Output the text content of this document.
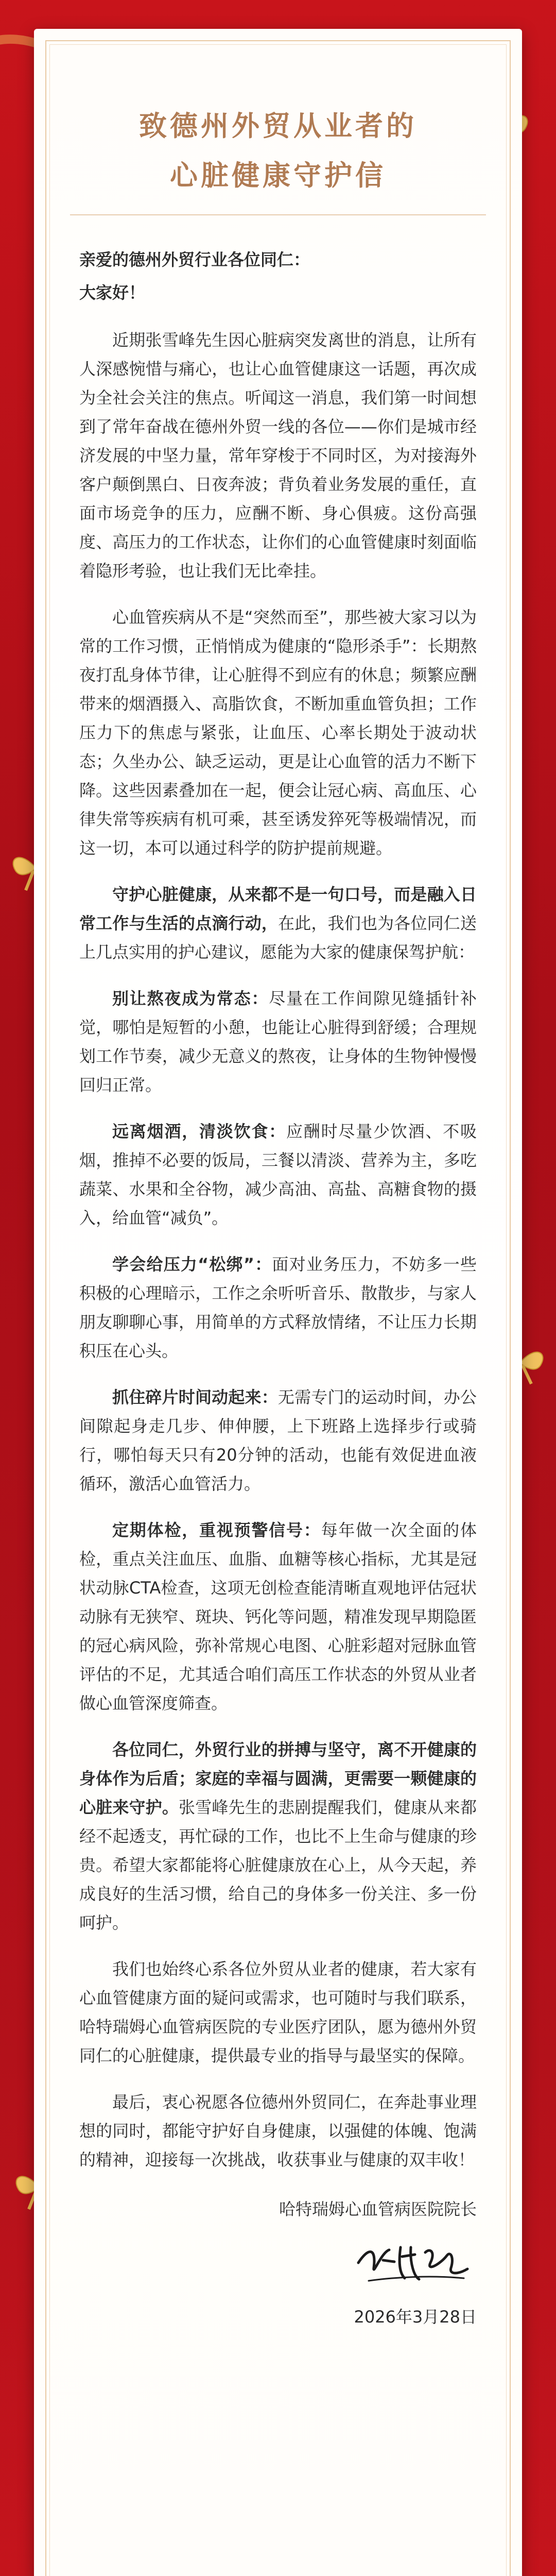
致德州外贸从业者的
心脏健康守护信

亲爱的德州外贸行业各位同仁：

大家好！

近期张雪峰先生因心脏病突发离世的消息，让所有人深感惋惜与痛心，也让心血管健康这一话题，再次成为全社会关注的焦点。听闻这一消息，我们第一时间想到了常年奋战在德州外贸一线的各位——你们是城市经济发展的中坚力量，常年穿梭于不同时区，为对接海外客户颠倒黑白、日夜奔波；背负着业务发展的重任，直面市场竞争的压力，应酬不断、身心俱疲。这份高强度、高压力的工作状态，让你们的心血管健康时刻面临着隐形考验，也让我们无比牵挂。

心血管疾病从不是“突然而至”，那些被大家习以为常的工作习惯，正悄悄成为健康的“隐形杀手”：长期熬夜打乱身体节律，让心脏得不到应有的休息；频繁应酬带来的烟酒摄入、高脂饮食，不断加重血管负担；工作压力下的焦虑与紧张，让血压、心率长期处于波动状态；久坐办公、缺乏运动，更是让心血管的活力不断下降。这些因素叠加在一起，便会让冠心病、高血压、心律失常等疾病有机可乘，甚至诱发猝死等极端情况，而这一切，本可以通过科学的防护提前规避。

守护心脏健康，从来都不是一句口号，而是融入日常工作与生活的点滴行动，在此，我们也为各位同仁送上几点实用的护心建议，愿能为大家的健康保驾护航：

别让熬夜成为常态：尽量在工作间隙见缝插针补觉，哪怕是短暂的小憩，也能让心脏得到舒缓；合理规划工作节奏，减少无意义的熬夜，让身体的生物钟慢慢回归正常。

远离烟酒，清淡饮食：应酬时尽量少饮酒、不吸烟，推掉不必要的饭局，三餐以清淡、营养为主，多吃蔬菜、水果和全谷物，减少高油、高盐、高糖食物的摄入，给血管“减负”。

学会给压力“松绑”：面对业务压力，不妨多一些积极的心理暗示，工作之余听听音乐、散散步，与家人朋友聊聊心事，用简单的方式释放情绪，不让压力长期积压在心头。

抓住碎片时间动起来：无需专门的运动时间，办公间隙起身走几步、伸伸腰，上下班路上选择步行或骑行，哪怕每天只有20分钟的活动，也能有效促进血液循环，激活心血管活力。

定期体检，重视预警信号：每年做一次全面的体检，重点关注血压、血脂、血糖等核心指标，尤其是冠状动脉CTA检查，这项无创检查能清晰直观地评估冠状动脉有无狭窄、斑块、钙化等问题，精准发现早期隐匿的冠心病风险，弥补常规心电图、心脏彩超对冠脉血管评估的不足，尤其适合咱们高压工作状态的外贸从业者做心血管深度筛查。

各位同仁，外贸行业的拼搏与坚守，离不开健康的身体作为后盾；家庭的幸福与圆满，更需要一颗健康的心脏来守护。张雪峰先生的悲剧提醒我们，健康从来都经不起透支，再忙碌的工作，也比不上生命与健康的珍贵。希望大家都能将心脏健康放在心上，从今天起，养成良好的生活习惯，给自己的身体多一份关注、多一份呵护。

我们也始终心系各位外贸从业者的健康，若大家有心血管健康方面的疑问或需求，也可随时与我们联系，哈特瑞姆心血管病医院的专业医疗团队，愿为德州外贸同仁的心脏健康，提供最专业的指导与最坚实的保障。

最后，衷心祝愿各位德州外贸同仁，在奔赴事业理想的同时，都能守护好自身健康，以强健的体魄、饱满的精神，迎接每一次挑战，收获事业与健康的双丰收！

哈特瑞姆心血管病医院院长
2026年3月28日
